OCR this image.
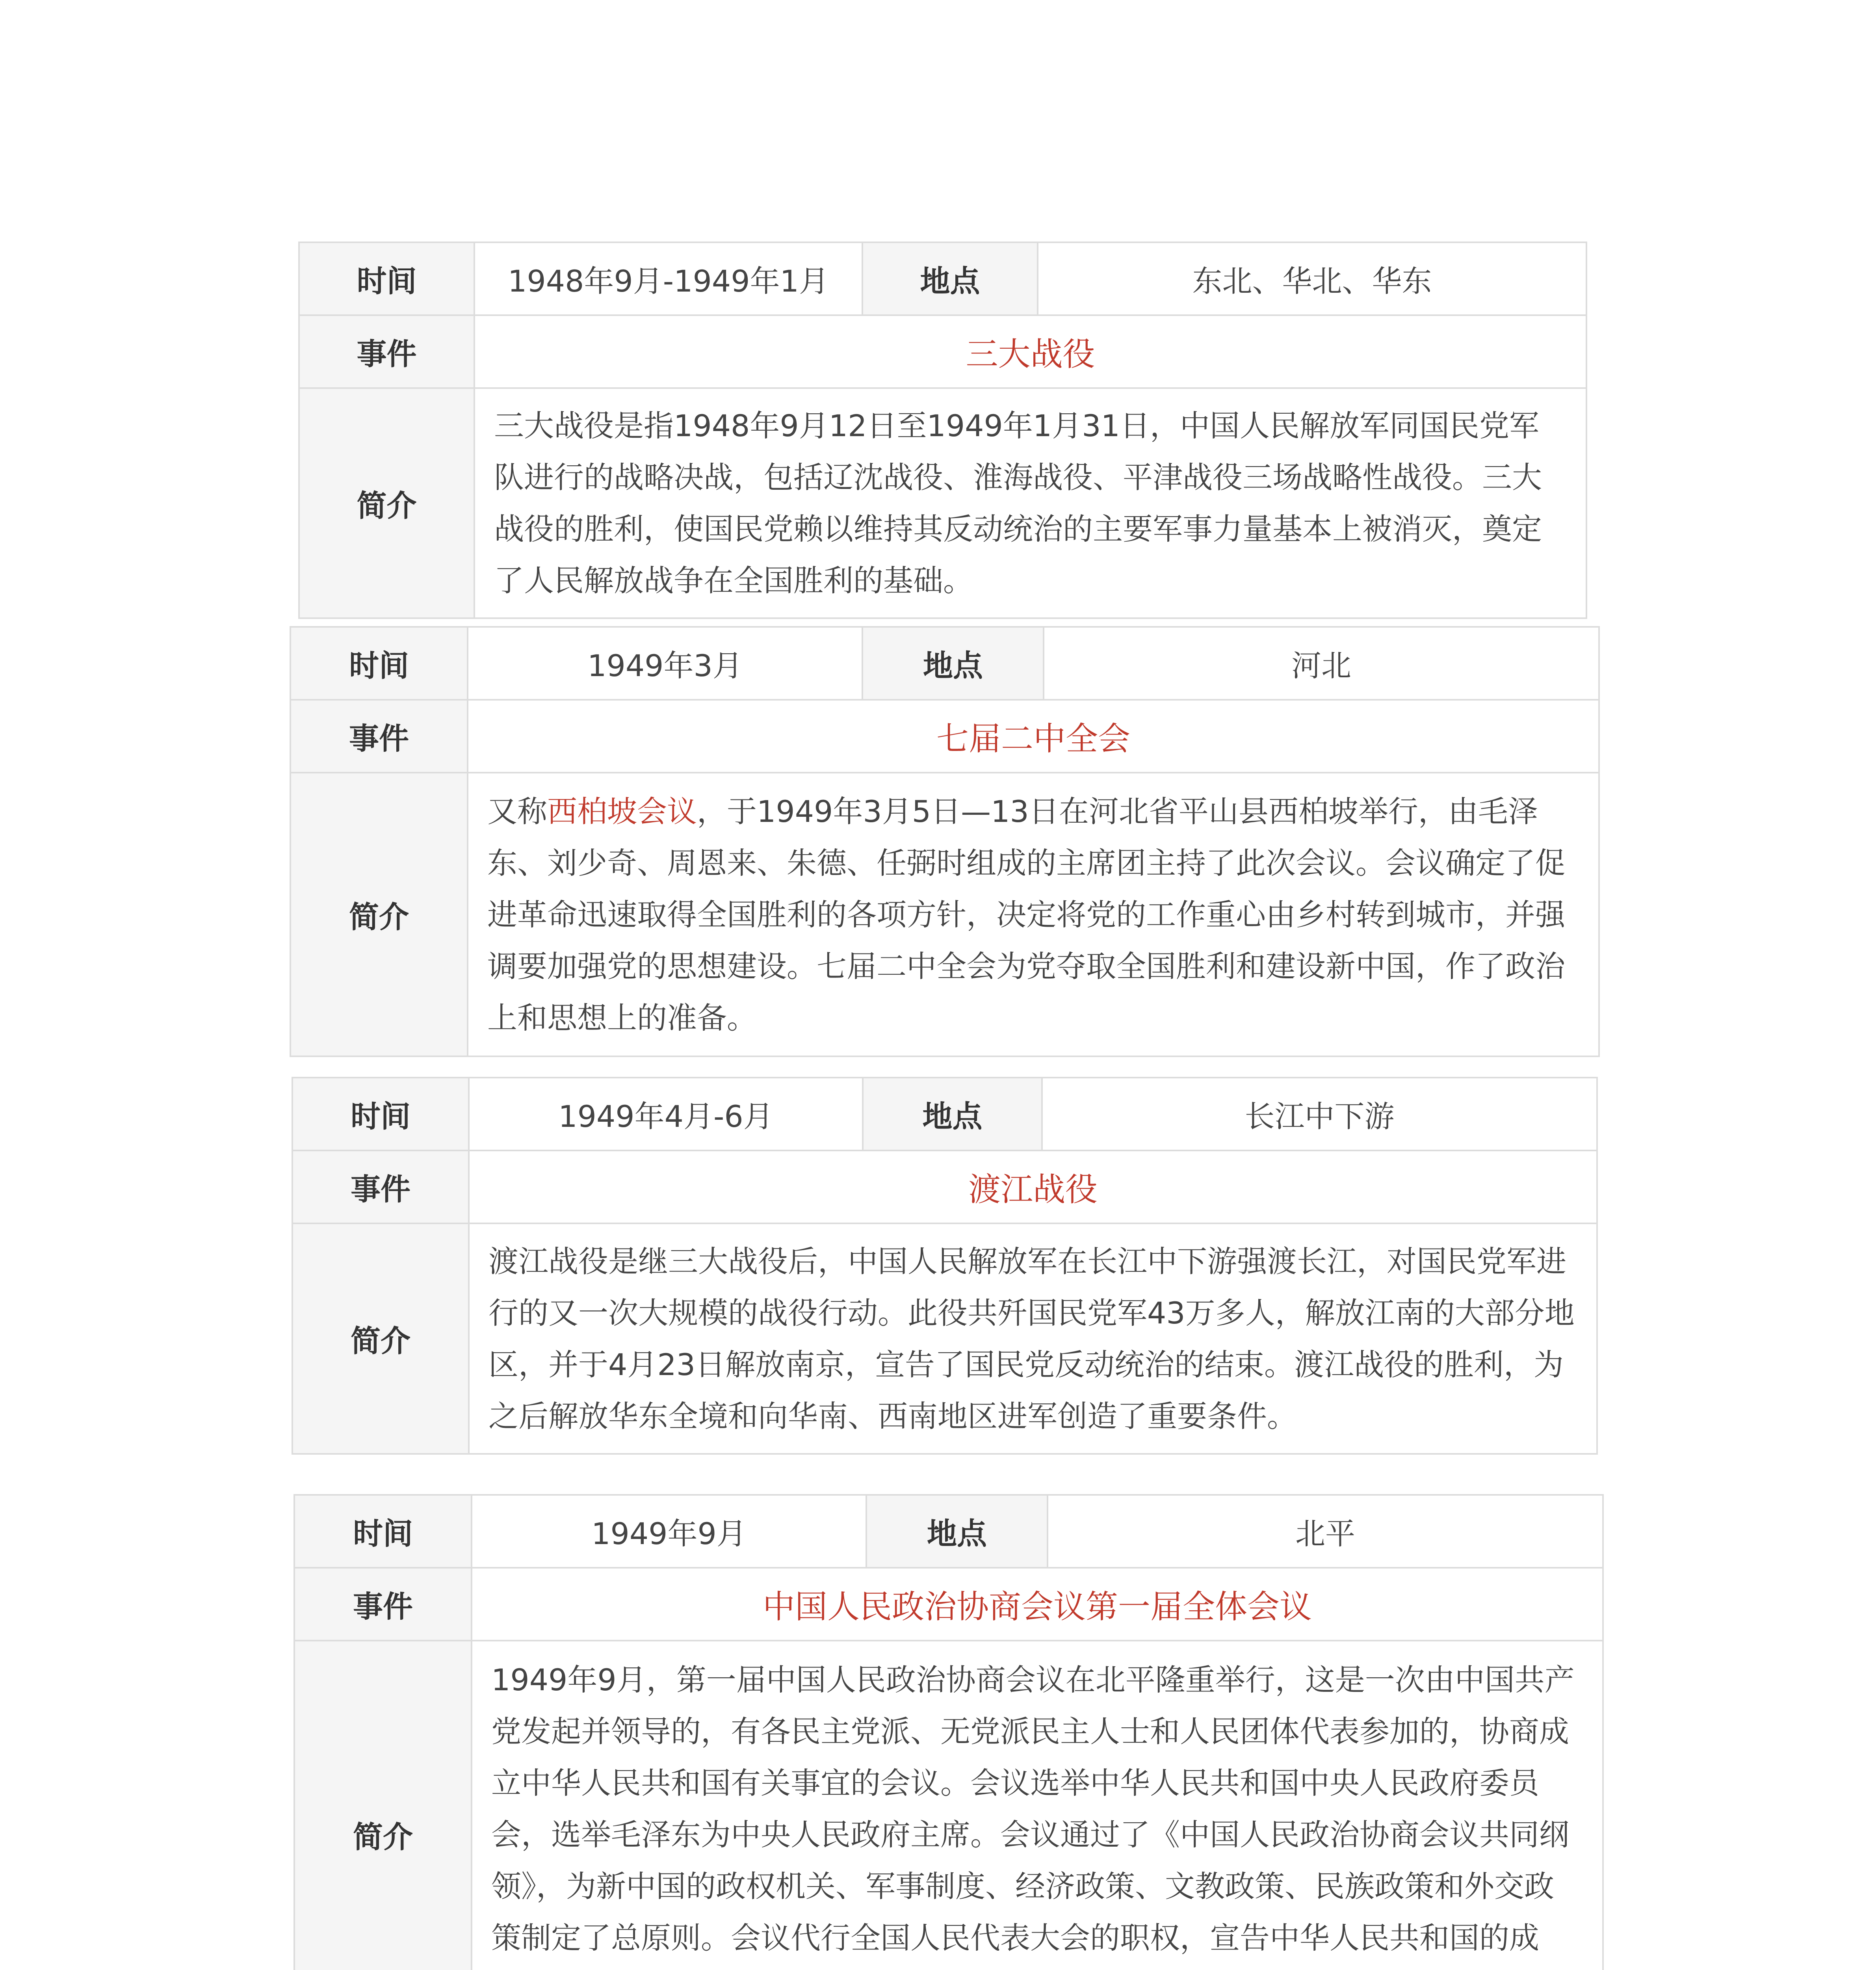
时间	1948年9月-1949年1月	地点	东北、华北、华东
事件	三大战役		
简介	三大战役是指1948年9月12日至1949年1月31日，中国人民解放军同国民党军队进行的战略决战，包括辽沈战役、淮海战役、平津战役三场战略性战役。三大战役的胜利，使国民党赖以维持其反动统治的主要军事力量基本上被消灭，奠定了人民解放战争在全国胜利的基础。		
时间	1949年3月	地点	河北
事件	七届二中全会		
简介	又称西柏坡会议，于1949年3月5日—13日在河北省平山县西柏坡举行，由毛泽东、刘少奇、周恩来、朱德、任弼时组成的主席团主持了此次会议。会议确定了促进革命迅速取得全国胜利的各项方针，决定将党的工作重心由乡村转到城市，并强调要加强党的思想建设。七届二中全会为党夺取全国胜利和建设新中国，作了政治上和思想上的准备。		
时间	1949年4月-6月	地点	长江中下游
事件	渡江战役		
简介	渡江战役是继三大战役后，中国人民解放军在长江中下游强渡长江，对国民党军进行的又一次大规模的战役行动。此役共歼国民党军43万多人，解放江南的大部分地区，并于4月23日解放南京，宣告了国民党反动统治的结束。渡江战役的胜利，为之后解放华东全境和向华南、西南地区进军创造了重要条件。		
时间	1949年9月	地点	北平
事件	中国人民政治协商会议第一届全体会议		
简介	1949年9月，第一届中国人民政治协商会议在北平隆重举行，这是一次由中国共产党发起并领导的，有各民主党派、无党派民主人士和人民团体代表参加的，协商成立中华人民共和国有关事宜的会议。会议选举中华人民共和国中央人民政府委员会，选举毛泽东为中央人民政府主席。会议通过了《中国人民政治协商会议共同纲领》，为新中国的政权机关、军事制度、经济政策、文教政策、民族政策和外交政策制定了总原则。会议代行全国人民代表大会的职权，宣告中华人民共和国的成		
